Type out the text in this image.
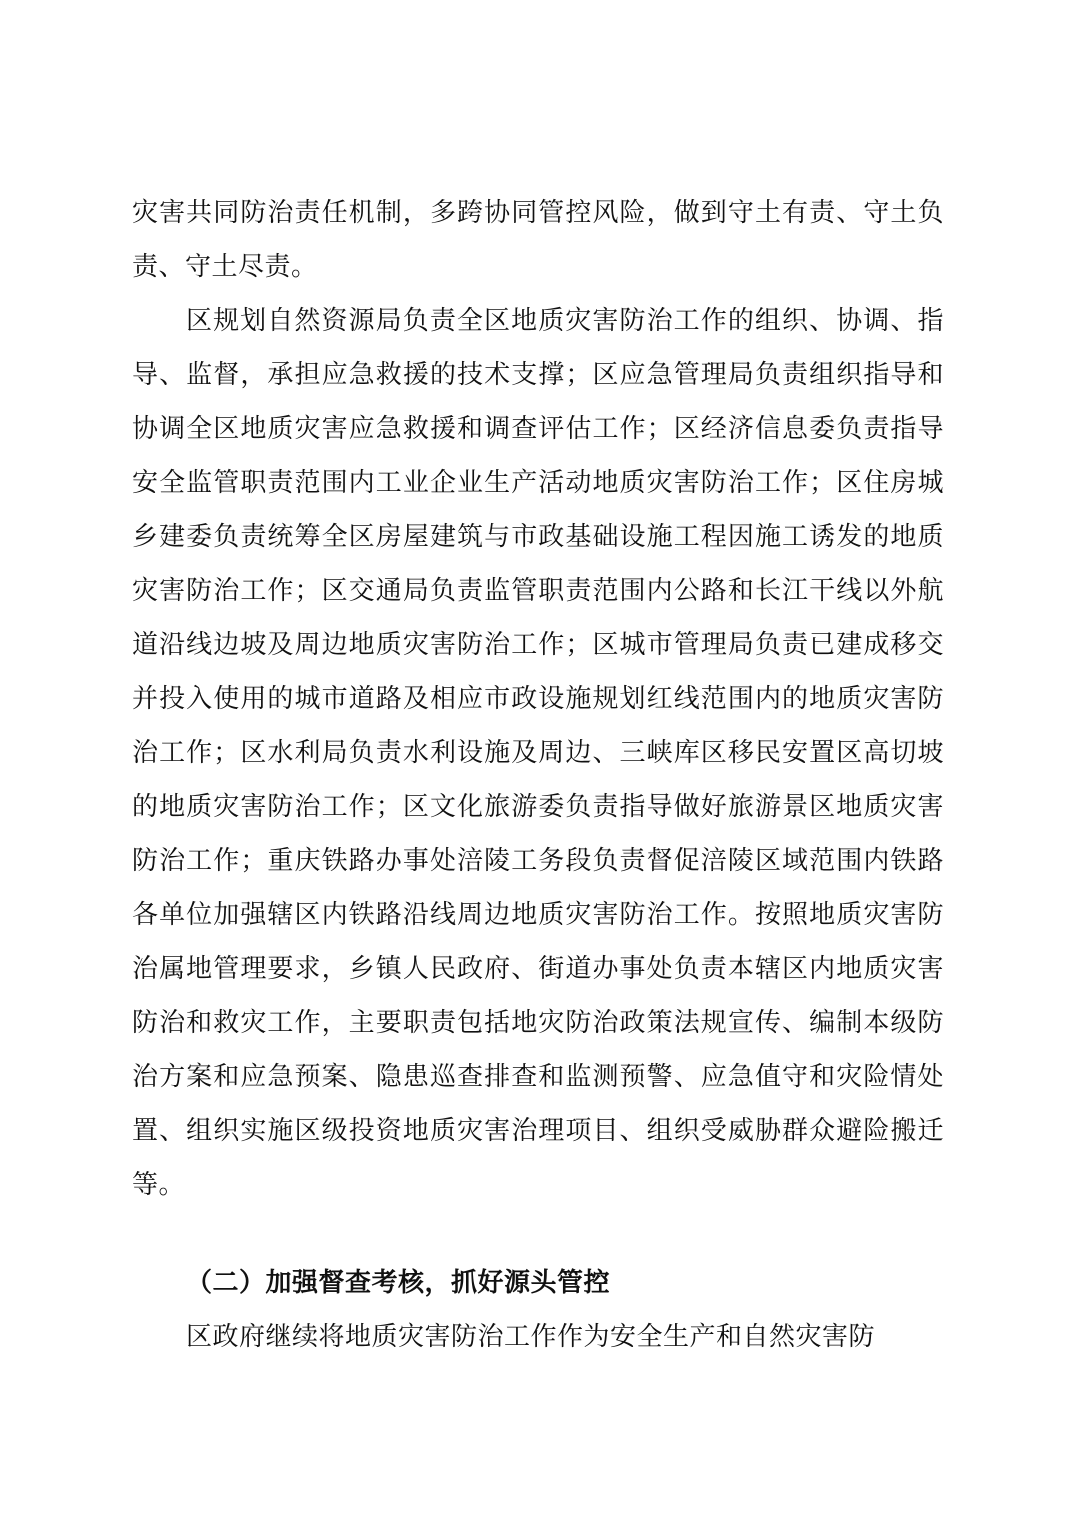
灾害共同防治责任机制，多跨协同管控风险，做到守土有责、守土负责、守土尽责。

区规划自然资源局负责全区地质灾害防治工作的组织、协调、指导、监督，承担应急救援的技术支撑；区应急管理局负责组织指导和协调全区地质灾害应急救援和调查评估工作；区经济信息委负责指导安全监管职责范围内工业企业生产活动地质灾害防治工作；区住房城乡建委负责统筹全区房屋建筑与市政基础设施工程因施工诱发的地质灾害防治工作；区交通局负责监管职责范围内公路和长江干线以外航道沿线边坡及周边地质灾害防治工作；区城市管理局负责已建成移交并投入使用的城市道路及相应市政设施规划红线范围内的地质灾害防治工作；区水利局负责水利设施及周边、三峡库区移民安置区高切坡的地质灾害防治工作；区文化旅游委负责指导做好旅游景区地质灾害防治工作；重庆铁路办事处涪陵工务段负责督促涪陵区域范围内铁路各单位加强辖区内铁路沿线周边地质灾害防治工作。按照地质灾害防治属地管理要求，乡镇人民政府、街道办事处负责本辖区内地质灾害防治和救灾工作，主要职责包括地灾防治政策法规宣传、编制本级防治方案和应急预案、隐患巡查排查和监测预警、应急值守和灾险情处置、组织实施区级投资地质灾害治理项目、组织受威胁群众避险搬迁等。

（二）加强督查考核，抓好源头管控

区政府继续将地质灾害防治工作作为安全生产和自然灾害防
